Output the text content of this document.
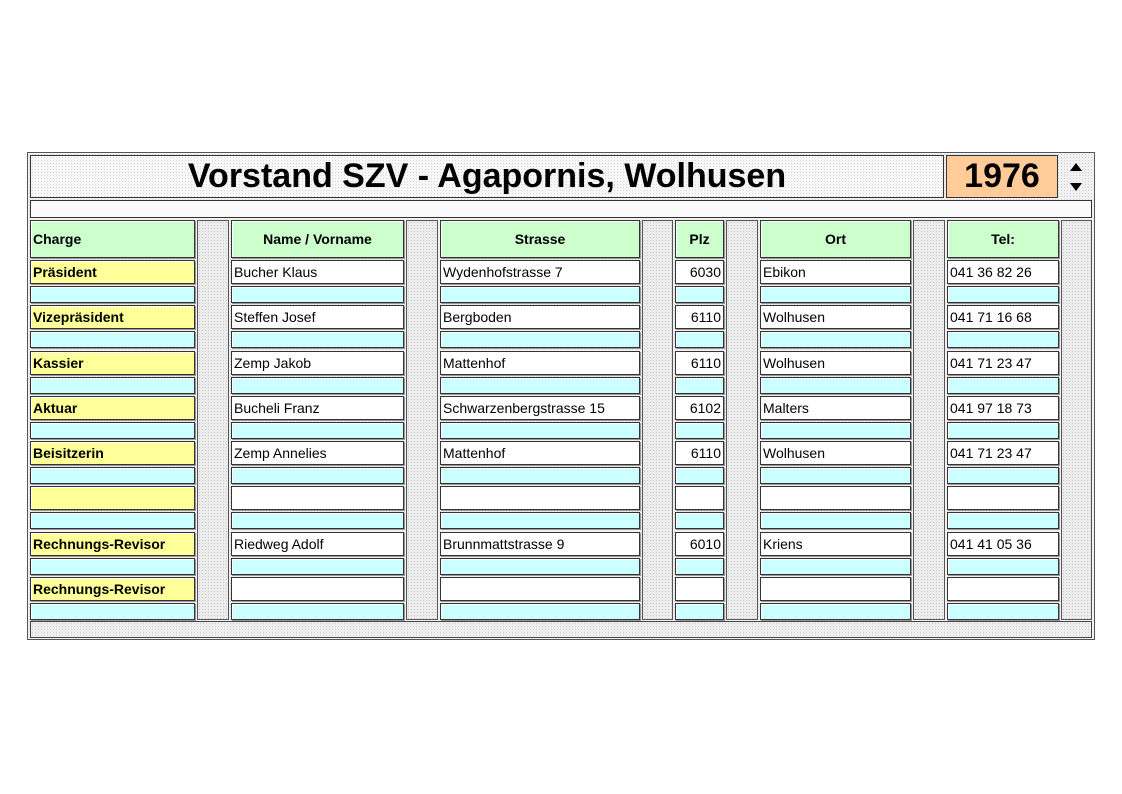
Vorstand SZV - Agapornis, Wolhusen	1976
Charge	Name / Vorname	Strasse	Plz	Ort	Tel:
Präsident	Bucher Klaus	Wydenhofstrasse 7	6030	Ebikon	041 36 82 26
Vizepräsident	Steffen Josef	Bergboden	6110	Wolhusen	041 71 16 68
Kassier	Zemp Jakob	Mattenhof	6110	Wolhusen	041 71 23 47
Aktuar	Bucheli Franz	Schwarzenbergstrasse 15	6102	Malters	041 97 18 73
Beisitzerin	Zemp Annelies	Mattenhof	6110	Wolhusen	041 71 23 47
Rechnungs-Revisor	Riedweg Adolf	Brunnmattstrasse 9	6010	Kriens	041 41 05 36
Rechnungs-Revisor
